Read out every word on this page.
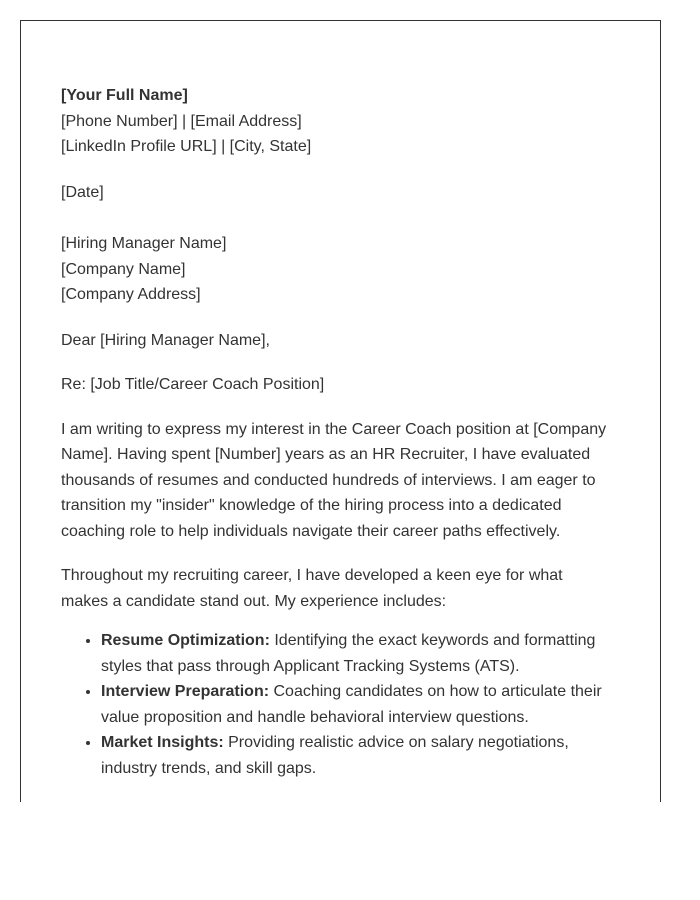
[Your Full Name]
[Phone Number] | [Email Address]
[LinkedIn Profile URL] | [City, State]
[Date]
[Hiring Manager Name]
[Company Name]
[Company Address]
Dear [Hiring Manager Name],
Re: [Job Title/Career Coach Position]

I am writing to express my interest in the Career Coach position at [Company Name]. Having spent [Number] years as an HR Recruiter, I have evaluated thousands of resumes and conducted hundreds of interviews. I am eager to transition my "insider" knowledge of the hiring process into a dedicated coaching role to help individuals navigate their career paths effectively.

Throughout my recruiting career, I have developed a keen eye for what makes a candidate stand out. My experience includes:

• Resume Optimization: Identifying the exact keywords and formatting styles that pass through Applicant Tracking Systems (ATS).
• Interview Preparation: Coaching candidates on how to articulate their value proposition and handle behavioral interview questions.
• Market Insights: Providing realistic advice on salary negotiations, industry trends, and skill gaps.
